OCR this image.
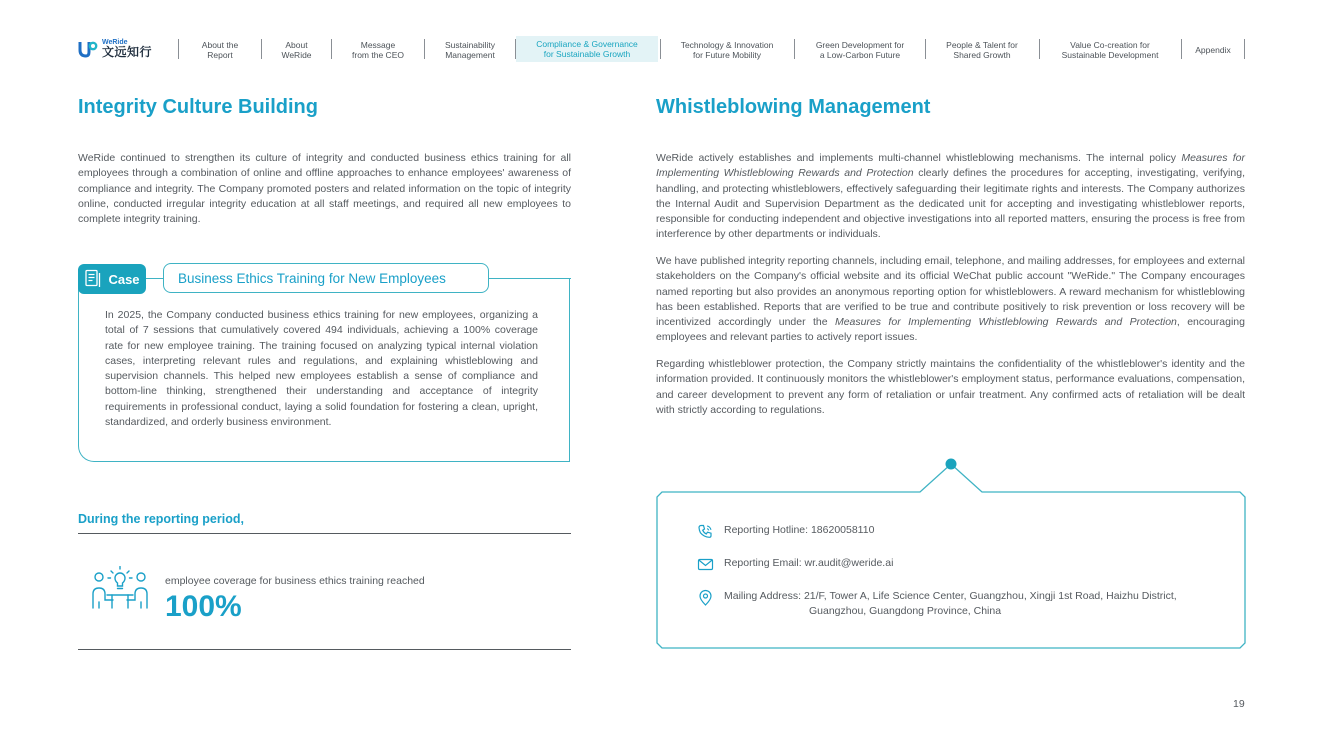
WeRide
文远知行	About the
Report
About
WeRide
Message
from the CEO
Sustainability
Management
Compliance & Governance
for Sustainable Growth
Technology & Innovation
for Future Mobility
Green Development for
a Low-Carbon Future
People & Talent for
Shared Growth
Value Co-creation for
Sustainable Development	Appendix
Integrity Culture Building

WeRide continued to strengthen its culture of integrity and conducted business ethics training for all employees through a combination of online and offline approaches to enhance employees' awareness of compliance and integrity. The Company promoted posters and related information on the topic of integrity online, conducted irregular integrity education at all staff meetings, and required all new employees to complete integrity training.

Case	Business Ethics Training for New Employees

In 2025, the Company conducted business ethics training for new employees, organizing a total of 7 sessions that cumulatively covered 494 individuals, achieving a 100% coverage rate for new employee training. The training focused on analyzing typical internal violation cases, interpreting relevant rules and regulations, and explaining whistleblowing and supervision channels. This helped new employees establish a sense of compliance and bottom-line thinking, strengthened their understanding and acceptance of integrity requirements in professional conduct, laying a solid foundation for fostering a clean, upright, standardized, and orderly business environment.

During the reporting period,
employee coverage for business ethics training reached
100%
Whistleblowing Management

WeRide actively establishes and implements multi-channel whistleblowing mechanisms. The internal policy Measures for Implementing Whistleblowing Rewards and Protection clearly defines the procedures for accepting, investigating, verifying, handling, and protecting whistleblowers, effectively safeguarding their legitimate rights and interests. The Company authorizes the Internal Audit and Supervision Department as the dedicated unit for accepting and investigating whistleblower reports, responsible for conducting independent and objective investigations into all reported matters, ensuring the process is free from interference by other departments or individuals.

We have published integrity reporting channels, including email, telephone, and mailing addresses, for employees and external stakeholders on the Company's official website and its official WeChat public account "WeRide." The Company encourages named reporting but also provides an anonymous reporting option for whistleblowers. A reward mechanism for whistleblowing has been established. Reports that are verified to be true and contribute positively to risk prevention or loss recovery will be incentivized accordingly under the Measures for Implementing Whistleblowing Rewards and Protection, encouraging employees and relevant parties to actively report issues.

Regarding whistleblower protection, the Company strictly maintains the confidentiality of the whistleblower's identity and the information provided. It continuously monitors the whistleblower's employment status, performance evaluations, compensation, and career development to prevent any form of retaliation or unfair treatment. Any confirmed acts of retaliation will be dealt with strictly according to regulations.

Reporting Hotline: 18620058110
Reporting Email: wr.audit@weride.ai
Mailing Address: 21/F, Tower A, Life Science Center, Guangzhou, Xingji 1st Road, Haizhu District,
Guangzhou, Guangdong Province, China
19
